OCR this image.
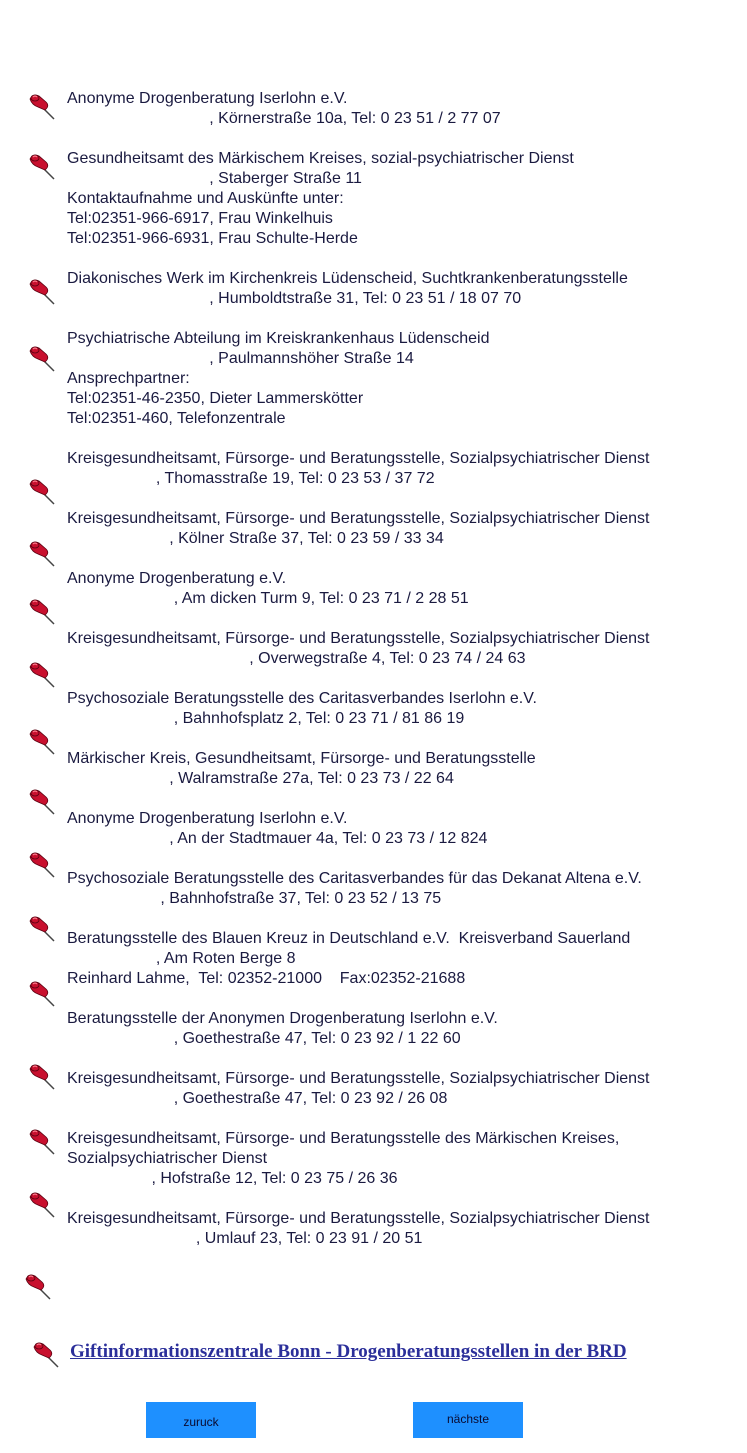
Anonyme Drogenberatung Iserlohn e.V.
, Körnerstraße 10a, Tel: 0 23 51 / 2 77 07
Gesundheitsamt des Märkischem Kreises, sozial-psychiatrischer Dienst
, Staberger Straße 11
Kontaktaufnahme und Auskünfte unter:
Tel:02351-966-6917, Frau Winkelhuis
Tel:02351-966-6931, Frau Schulte-Herde
Diakonisches Werk im Kirchenkreis Lüdenscheid, Suchtkrankenberatungsstelle
, Humboldtstraße 31, Tel: 0 23 51 / 18 07 70
Psychiatrische Abteilung im Kreiskrankenhaus Lüdenscheid
, Paulmannshöher Straße 14
Ansprechpartner:
Tel:02351-46-2350, Dieter Lammerskötter
Tel:02351-460, Telefonzentrale
Kreisgesundheitsamt, Fürsorge- und Beratungsstelle, Sozialpsychiatrischer Dienst
, Thomasstraße 19, Tel: 0 23 53 / 37 72
Kreisgesundheitsamt, Fürsorge- und Beratungsstelle, Sozialpsychiatrischer Dienst
, Kölner Straße 37, Tel: 0 23 59 / 33 34
Anonyme Drogenberatung e.V.
, Am dicken Turm 9, Tel: 0 23 71 / 2 28 51
Kreisgesundheitsamt, Fürsorge- und Beratungsstelle, Sozialpsychiatrischer Dienst
, Overwegstraße 4, Tel: 0 23 74 / 24 63
Psychosoziale Beratungsstelle des Caritasverbandes Iserlohn e.V.
, Bahnhofsplatz 2, Tel: 0 23 71 / 81 86 19
Märkischer Kreis, Gesundheitsamt, Fürsorge- und Beratungsstelle
, Walramstraße 27a, Tel: 0 23 73 / 22 64
Anonyme Drogenberatung Iserlohn e.V.
, An der Stadtmauer 4a, Tel: 0 23 73 / 12 824
Psychosoziale Beratungsstelle des Caritasverbandes für das Dekanat Altena e.V.
, Bahnhofstraße 37, Tel: 0 23 52 / 13 75
Beratungsstelle des Blauen Kreuz in Deutschland e.V.  Kreisverband Sauerland
, Am Roten Berge 8
Reinhard Lahme,  Tel: 02352-21000    Fax:02352-21688
Beratungsstelle der Anonymen Drogenberatung Iserlohn e.V.
, Goethestraße 47, Tel: 0 23 92 / 1 22 60
Kreisgesundheitsamt, Fürsorge- und Beratungsstelle, Sozialpsychiatrischer Dienst
, Goethestraße 47, Tel: 0 23 92 / 26 08
Kreisgesundheitsamt, Fürsorge- und Beratungsstelle des Märkischen Kreises,
Sozialpsychiatrischer Dienst
, Hofstraße 12, Tel: 0 23 75 / 26 36
Kreisgesundheitsamt, Fürsorge- und Beratungsstelle, Sozialpsychiatrischer Dienst
, Umlauf 23, Tel: 0 23 91 / 20 51
Giftinformationszentrale Bonn - Drogenberatungsstellen in der BRD
zuruck	nächste
